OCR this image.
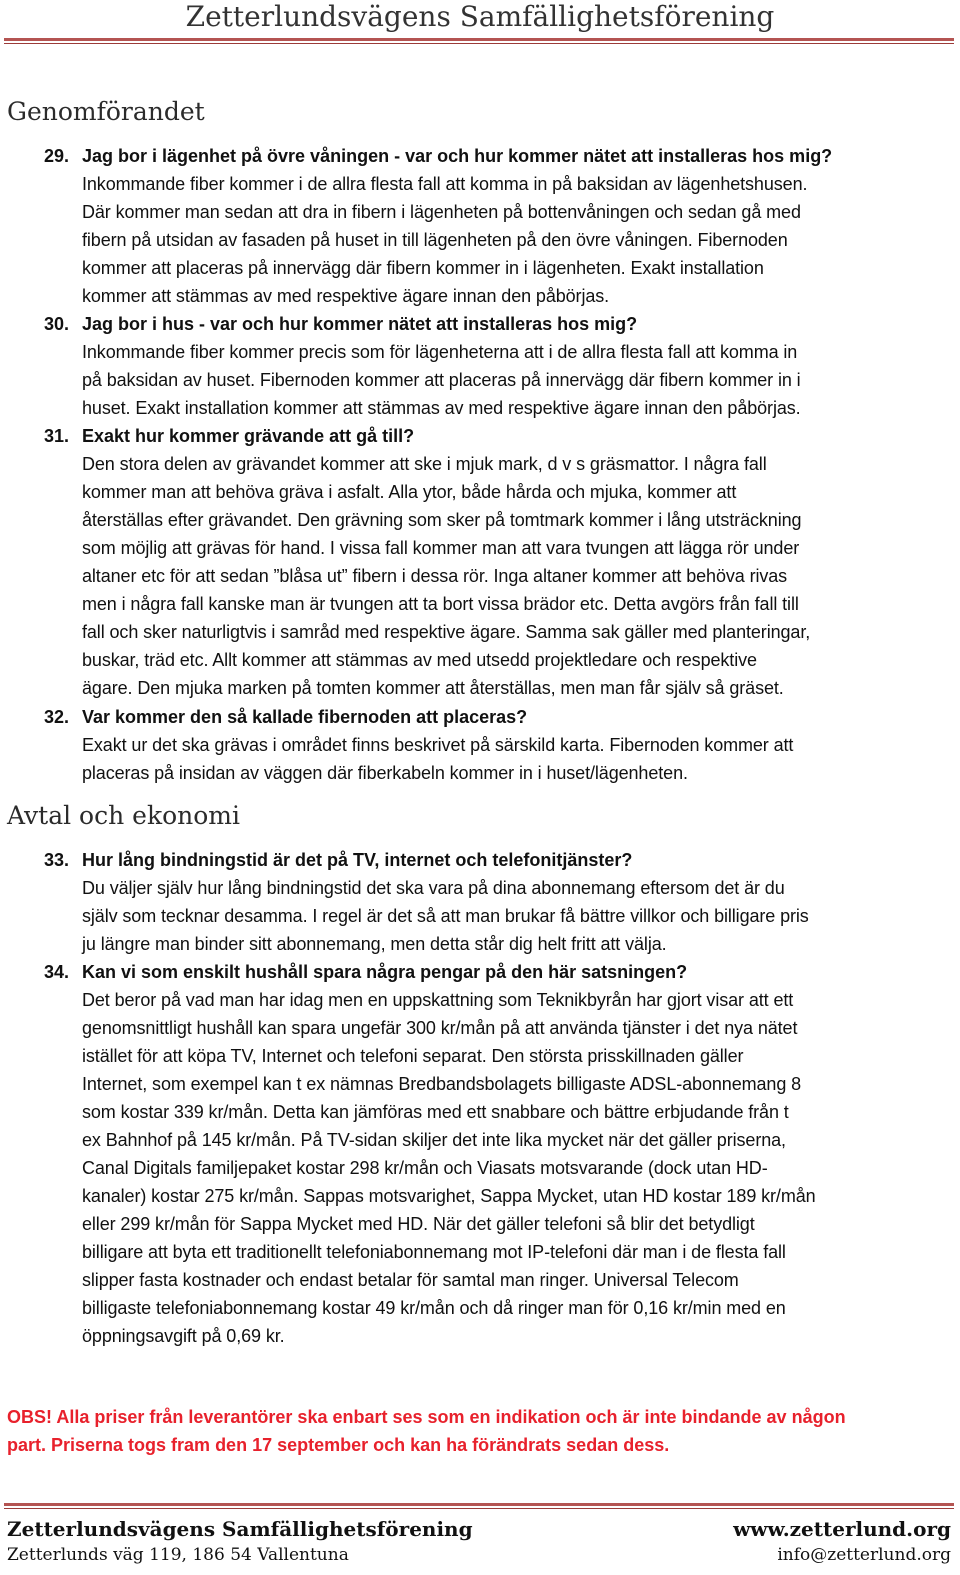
Zetterlundsvägens Samfällighetsförening
Genomförandet
29. Jag bor i lägenhet på övre våningen - var och hur kommer nätet att installeras hos mig?
Inkommande fiber kommer i de allra flesta fall att komma in på baksidan av lägenhetshusen.
Där kommer man sedan att dra in fibern i lägenheten på bottenvåningen och sedan gå med
fibern på utsidan av fasaden på huset in till lägenheten på den övre våningen. Fibernoden
kommer att placeras på innervägg där fibern kommer in i lägenheten. Exakt installation
kommer att stämmas av med respektive ägare innan den påbörjas.
30. Jag bor i hus - var och hur kommer nätet att installeras hos mig?
Inkommande fiber kommer precis som för lägenheterna att i de allra flesta fall att komma in
på baksidan av huset. Fibernoden kommer att placeras på innervägg där fibern kommer in i
huset. Exakt installation kommer att stämmas av med respektive ägare innan den påbörjas.
31. Exakt hur kommer grävande att gå till?
Den stora delen av grävandet kommer att ske i mjuk mark, d v s gräsmattor. I några fall
kommer man att behöva gräva i asfalt. Alla ytor, både hårda och mjuka, kommer att
återställas efter grävandet. Den grävning som sker på tomtmark kommer i lång utsträckning
som möjlig att grävas för hand. I vissa fall kommer man att vara tvungen att lägga rör under
altaner etc för att sedan ”blåsa ut” fibern i dessa rör. Inga altaner kommer att behöva rivas
men i några fall kanske man är tvungen att ta bort vissa brädor etc. Detta avgörs från fall till
fall och sker naturligtvis i samråd med respektive ägare. Samma sak gäller med planteringar,
buskar, träd etc. Allt kommer att stämmas av med utsedd projektledare och respektive
ägare. Den mjuka marken på tomten kommer att återställas, men man får själv så gräset.
32. Var kommer den så kallade fibernoden att placeras?
Exakt ur det ska grävas i området finns beskrivet på särskild karta. Fibernoden kommer att
placeras på insidan av väggen där fiberkabeln kommer in i huset/lägenheten.
Avtal och ekonomi
33. Hur lång bindningstid är det på TV, internet och telefonitjänster?
Du väljer själv hur lång bindningstid det ska vara på dina abonnemang eftersom det är du
själv som tecknar desamma. I regel är det så att man brukar få bättre villkor och billigare pris
ju längre man binder sitt abonnemang, men detta står dig helt fritt att välja.
34. Kan vi som enskilt hushåll spara några pengar på den här satsningen?
Det beror på vad man har idag men en uppskattning som Teknikbyrån har gjort visar att ett
genomsnittligt hushåll kan spara ungefär 300 kr/mån på att använda tjänster i det nya nätet
istället för att köpa TV, Internet och telefoni separat. Den största prisskillnaden gäller
Internet, som exempel kan t ex nämnas Bredbandsbolagets billigaste ADSL-abonnemang 8
som kostar 339 kr/mån. Detta kan jämföras med ett snabbare och bättre erbjudande från t
ex Bahnhof på 145 kr/mån. På TV-sidan skiljer det inte lika mycket när det gäller priserna,
Canal Digitals familjepaket kostar 298 kr/mån och Viasats motsvarande (dock utan HD-
kanaler) kostar 275 kr/mån. Sappas motsvarighet, Sappa Mycket, utan HD kostar 189 kr/mån
eller 299 kr/mån för Sappa Mycket med HD. När det gäller telefoni så blir det betydligt
billigare att byta ett traditionellt telefoniabonnemang mot IP-telefoni där man i de flesta fall
slipper fasta kostnader och endast betalar för samtal man ringer. Universal Telecom
billigaste telefoniabonnemang kostar 49 kr/mån och då ringer man för 0,16 kr/min med en
öppningsavgift på 0,69 kr.
OBS! Alla priser från leverantörer ska enbart ses som en indikation och är inte bindande av någon
part. Priserna togs fram den 17 september och kan ha förändrats sedan dess.
Zetterlundsvägens Samfällighetsförening	www.zetterlund.org
Zetterlunds väg 119, 186 54 Vallentuna	info@zetterlund.org
